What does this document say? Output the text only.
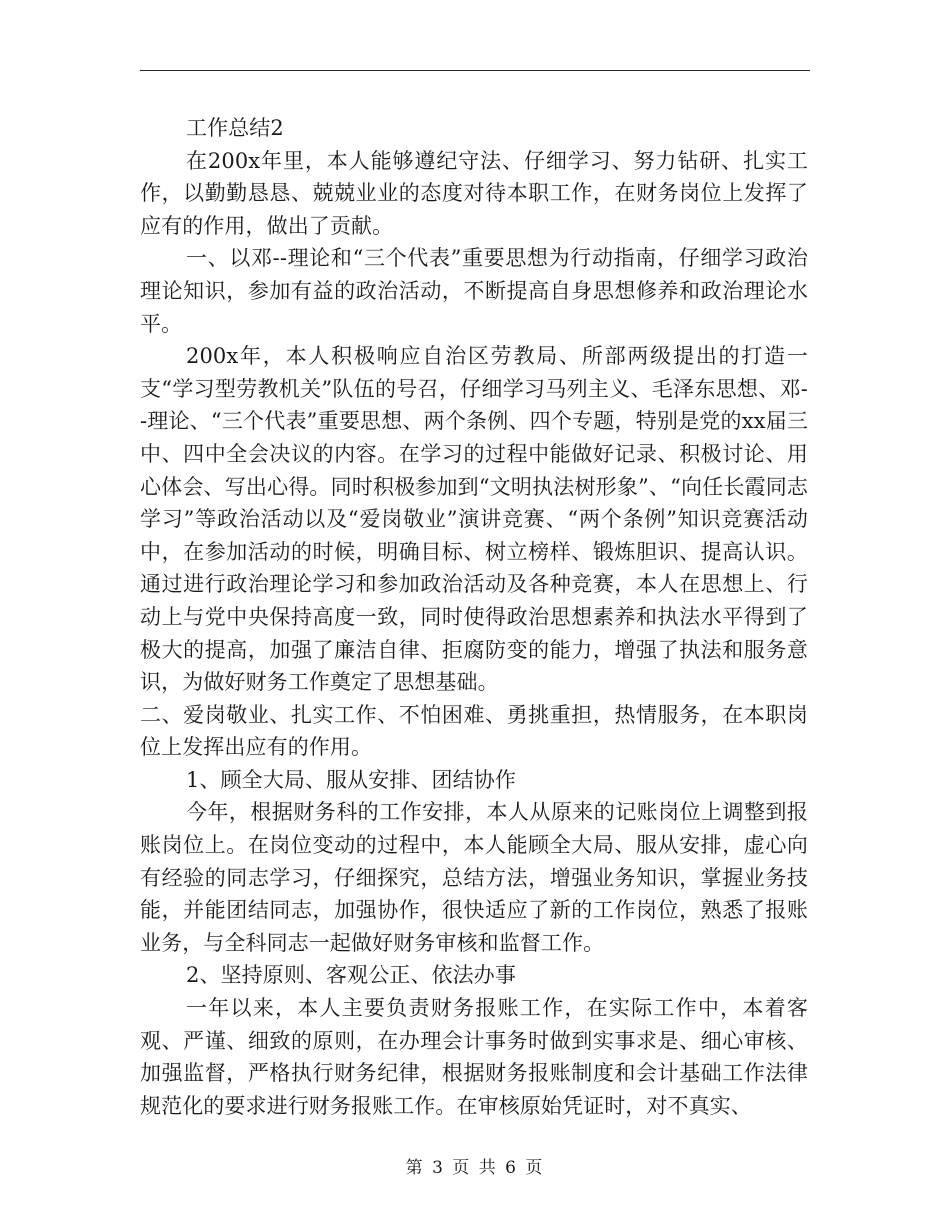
工作总结2

在200x年里，本人能够遵纪守法、仔细学习、努力钻研、扎实工作，以勤勤恳恳、兢兢业业的态度对待本职工作，在财务岗位上发挥了应有的作用，做出了贡献。

一、以邓--理论和“三个代表”重要思想为行动指南，仔细学习政治理论知识，参加有益的政治活动，不断提高自身思想修养和政治理论水平。

200x年，本人积极响应自治区劳教局、所部两级提出的打造一支“学习型劳教机关”队伍的号召，仔细学习马列主义、毛泽东思想、邓--理论、“三个代表”重要思想、两个条例、四个专题，特别是党的xx届三中、四中全会决议的内容。在学习的过程中能做好记录、积极讨论、用心体会、写出心得。同时积极参加到“文明执法树形象”、“向任长霞同志学习”等政治活动以及“爱岗敬业”演讲竞赛、“两个条例”知识竞赛活动中，在参加活动的时候，明确目标、树立榜样、锻炼胆识、提高认识。 通过进行政治理论学习和参加政治活动及各种竞赛，本人在思想上、行动上与党中央保持高度一致，同时使得政治思想素养和执法水平得到了极大的提高，加强了廉洁自律、拒腐防变的能力，增强了执法和服务意识，为做好财务工作奠定了思想基础。

二、爱岗敬业、扎实工作、不怕困难、勇挑重担，热情服务，在本职岗位上发挥出应有的作用。

1、顾全大局、服从安排、团结协作

今年，根据财务科的工作安排，本人从原来的记账岗位上调整到报账岗位上。在岗位变动的过程中，本人能顾全大局、服从安排，虚心向有经验的同志学习，仔细探究，总结方法，增强业务知识，掌握业务技能，并能团结同志，加强协作，很快适应了新的工作岗位，熟悉了报账业务，与全科同志一起做好财务审核和监督工作。

2、坚持原则、客观公正、依法办事

一年以来，本人主要负责财务报账工作，在实际工作中，本着客观、严谨、细致的原则，在办理会计事务时做到实事求是、细心审核、加强监督，严格执行财务纪律，根据财务报账制度和会计基础工作法律规范化的要求进行财务报账工作。在审核原始凭证时，对不真实、

第 3 页 共 6 页
